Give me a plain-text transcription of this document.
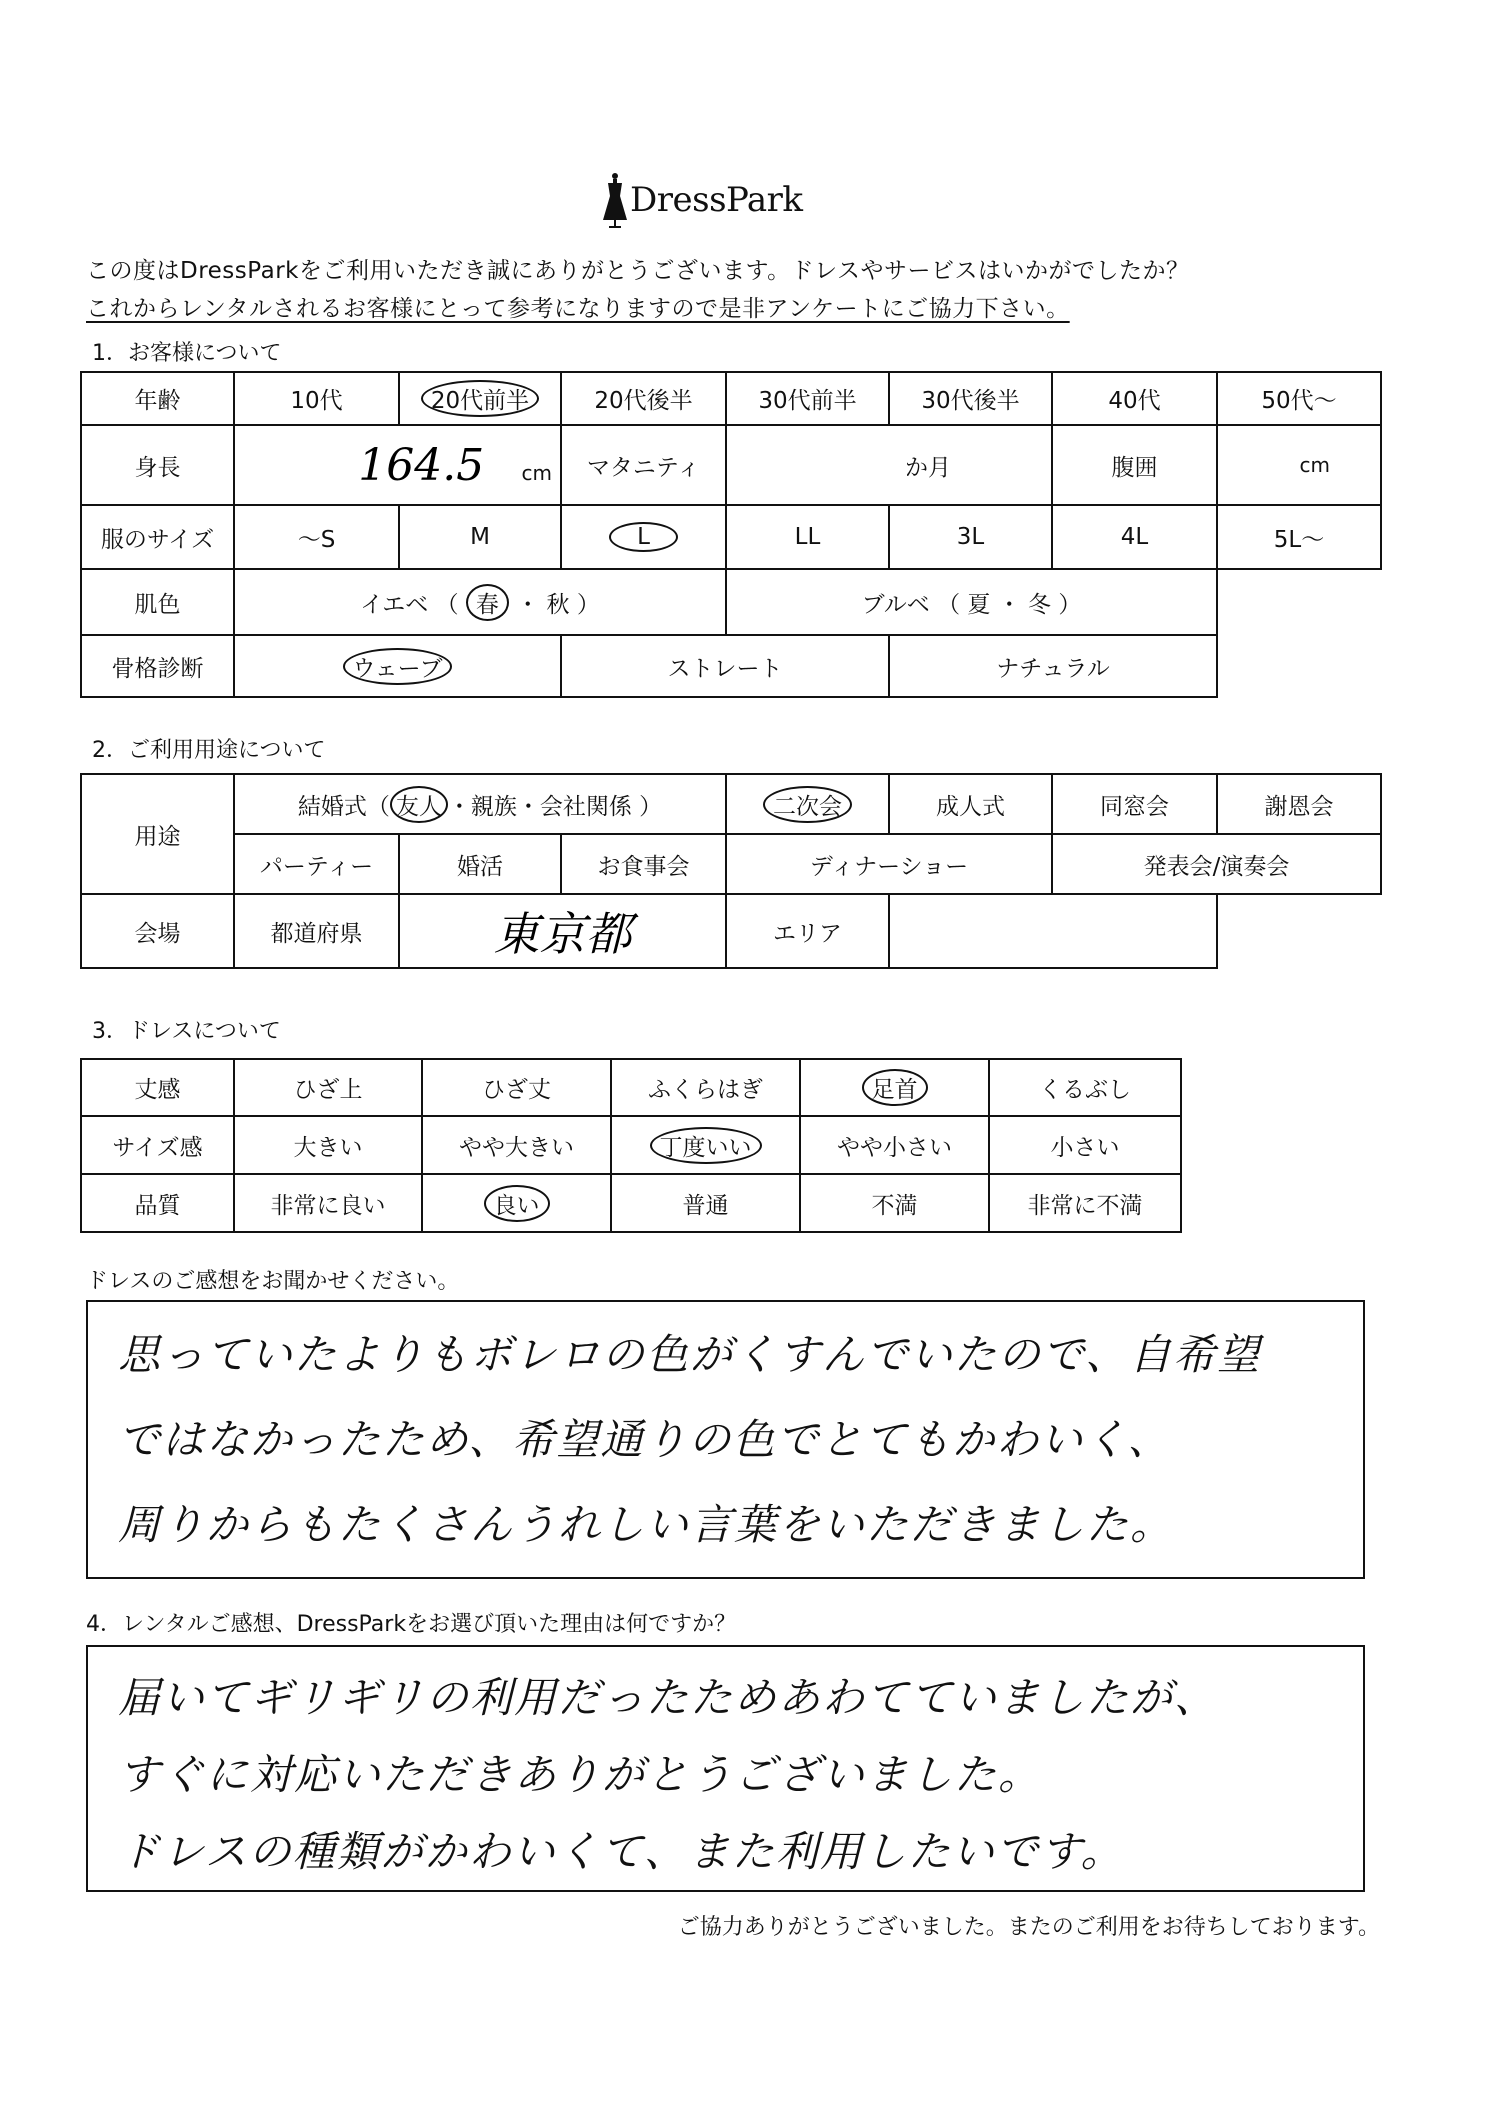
DressPark
この度はDressParkをご利用いただき誠にありがとうございます。ドレスやサービスはいかがでしたか？
これからレンタルされるお客様にとって参考になりますので是非アンケートにご協力下さい。
1．お客様について
年齢	10代	20代前半	20代後半	30代前半	30代後半	40代	50代～
身長	164.5 cm		マタニティ	か月		腹囲	cm
服のサイズ	～S	M	L	LL	3L	4L	5L～
肌色	イエベ （ 春 ・ 秋 ）			ブルベ （ 夏 ・ 冬 ）			
骨格診断	ウェーブ		ストレート		ナチュラル		
2．ご利用用途について
用途	結婚式（ 友人 ・親族・会社関係 ）			二次会	成人式	同窓会	謝恩会
	パーティー	婚活	お食事会	ディナーショー		発表会/演奏会	
会場	都道府県	東京都		エリア			
3．ドレスについて
丈感	ひざ上	ひざ丈	ふくらはぎ	足首	くるぶし
サイズ感	大きい	やや大きい	丁度いい	やや小さい	小さい
品質	非常に良い	良い	普通	不満	非常に不満
ドレスのご感想をお聞かせください。
思っていたよりもボレロの色がくすんでいたので、自希望
ではなかったため、希望通りの色でとてもかわいく、
周りからもたくさんうれしい言葉をいただきました。
4．レンタルご感想、DressParkをお選び頂いた理由は何ですか？
届いてギリギリの利用だったためあわてていましたが、
すぐに対応いただきありがとうございました。
ドレスの種類がかわいくて、また利用したいです。
ご協力ありがとうございました。またのご利用をお待ちしております。
